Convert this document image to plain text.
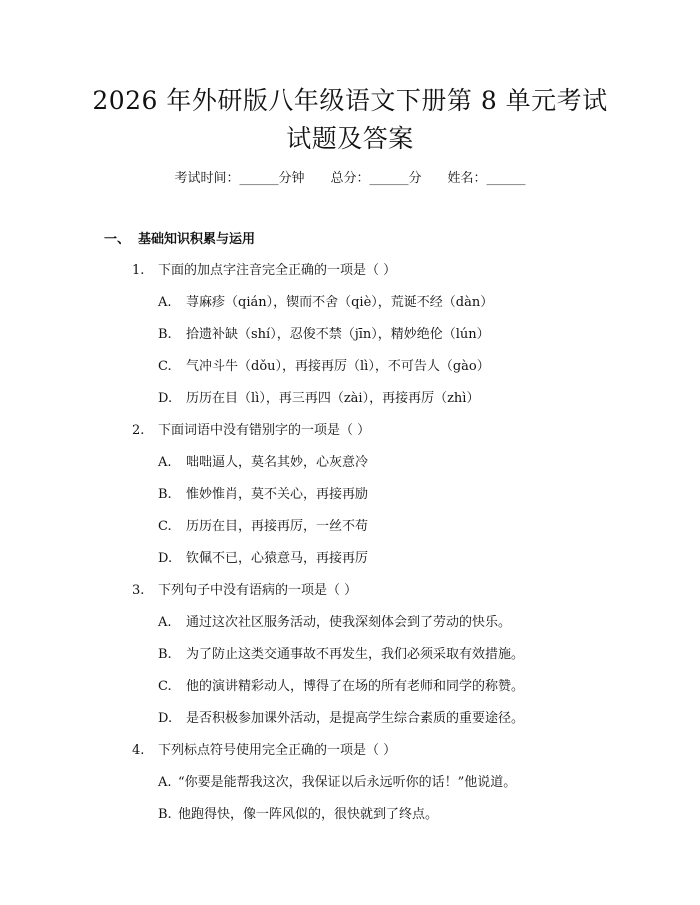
2026 年外研版八年级语文下册第 8 单元考试
试题及答案
考试时间：______分钟 总分：______分 姓名：______
一、 基础知识积累与运用
1. 下面的加点字注音完全正确的一项是（ ）
A. 荨麻疹（qián），锲而不舍（qiè），荒诞不经（dàn）
B. 拾遗补缺（shí），忍俊不禁（jīn），精妙绝伦（lún）
C. 气冲斗牛（dǒu），再接再厉（lì），不可告人（gào）
D. 历历在目（lì），再三再四（zài），再接再厉（zhì）
2. 下面词语中没有错别字的一项是（ ）
A. 咄咄逼人，莫名其妙，心灰意冷
B. 惟妙惟肖，莫不关心，再接再励
C. 历历在目，再接再厉，一丝不苟
D. 钦佩不已，心猿意马，再接再厉
3. 下列句子中没有语病的一项是（ ）
A. 通过这次社区服务活动，使我深刻体会到了劳动的快乐。
B. 为了防止这类交通事故不再发生，我们必须采取有效措施。
C. 他的演讲精彩动人，博得了在场的所有老师和同学的称赞。
D. 是否积极参加课外活动，是提高学生综合素质的重要途径。
4. 下列标点符号使用完全正确的一项是（ ）
A. “你要是能帮我这次，我保证以后永远听你的话！”他说道。
B. 他跑得快，像一阵风似的，很快就到了终点。
